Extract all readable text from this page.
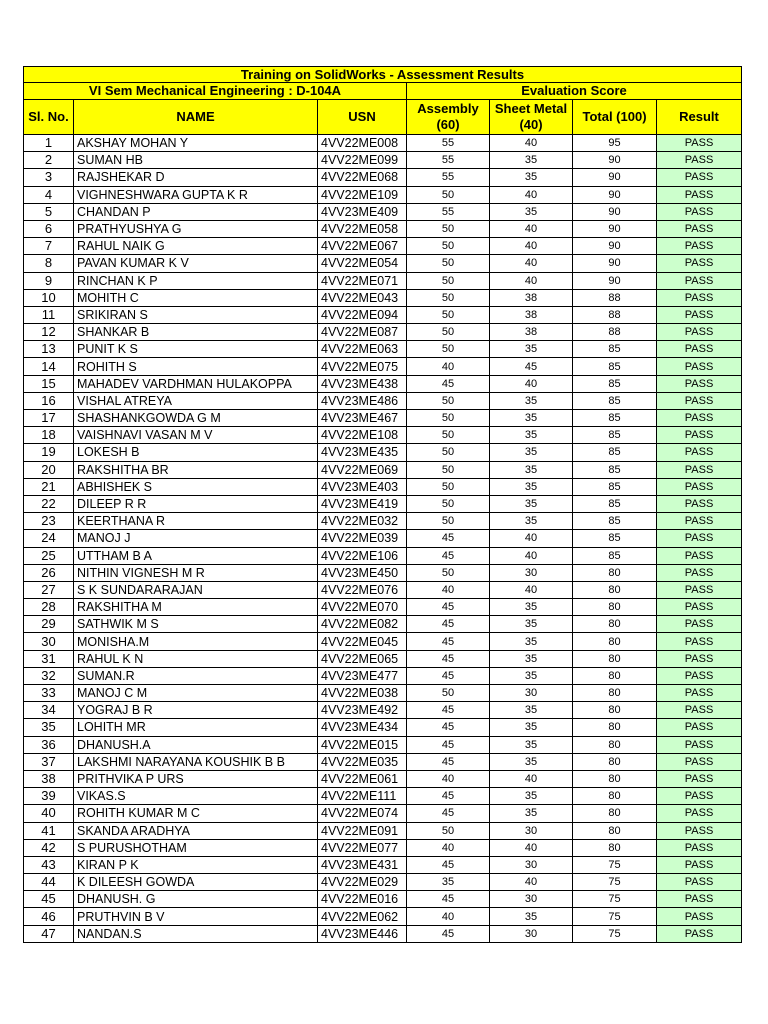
Training on SolidWorks - Assessment Results						
VI Sem Mechanical Engineering : D-104A			Evaluation Score			
Sl. No.	NAME	USN	Assembly (60)	Sheet Metal (40)	Total (100)	Result
1	AKSHAY MOHAN Y	4VV22ME008	55	40	95	PASS
2	SUMAN HB	4VV22ME099	55	35	90	PASS
3	RAJSHEKAR D	4VV22ME068	55	35	90	PASS
4	VIGHNESHWARA GUPTA K R	4VV22ME109	50	40	90	PASS
5	CHANDAN P	4VV23ME409	55	35	90	PASS
6	PRATHYUSHYA G	4VV22ME058	50	40	90	PASS
7	RAHUL NAIK G	4VV22ME067	50	40	90	PASS
8	PAVAN KUMAR K V	4VV22ME054	50	40	90	PASS
9	RINCHAN K P	4VV22ME071	50	40	90	PASS
10	MOHITH C	4VV22ME043	50	38	88	PASS
11	SRIKIRAN S	4VV22ME094	50	38	88	PASS
12	SHANKAR B	4VV22ME087	50	38	88	PASS
13	PUNIT K S	4VV22ME063	50	35	85	PASS
14	ROHITH S	4VV22ME075	40	45	85	PASS
15	MAHADEV VARDHMAN HULAKOPPA	4VV23ME438	45	40	85	PASS
16	VISHAL ATREYA	4VV23ME486	50	35	85	PASS
17	SHASHANKGOWDA G M	4VV23ME467	50	35	85	PASS
18	VAISHNAVI VASAN M V	4VV22ME108	50	35	85	PASS
19	LOKESH B	4VV23ME435	50	35	85	PASS
20	RAKSHITHA BR	4VV22ME069	50	35	85	PASS
21	ABHISHEK S	4VV23ME403	50	35	85	PASS
22	DILEEP R R	4VV23ME419	50	35	85	PASS
23	KEERTHANA R	4VV22ME032	50	35	85	PASS
24	MANOJ J	4VV22ME039	45	40	85	PASS
25	UTTHAM B A	4VV22ME106	45	40	85	PASS
26	NITHIN VIGNESH M R	4VV23ME450	50	30	80	PASS
27	S K SUNDARARAJAN	4VV22ME076	40	40	80	PASS
28	RAKSHITHA M	4VV22ME070	45	35	80	PASS
29	SATHWIK M S	4VV22ME082	45	35	80	PASS
30	MONISHA.M	4VV22ME045	45	35	80	PASS
31	RAHUL K N	4VV22ME065	45	35	80	PASS
32	SUMAN.R	4VV23ME477	45	35	80	PASS
33	MANOJ C M	4VV22ME038	50	30	80	PASS
34	YOGRAJ B R	4VV23ME492	45	35	80	PASS
35	LOHITH MR	4VV23ME434	45	35	80	PASS
36	DHANUSH.A	4VV22ME015	45	35	80	PASS
37	LAKSHMI NARAYANA KOUSHIK B B	4VV22ME035	45	35	80	PASS
38	PRITHVIKA P URS	4VV22ME061	40	40	80	PASS
39	VIKAS.S	4VV22ME111	45	35	80	PASS
40	ROHITH KUMAR M C	4VV22ME074	45	35	80	PASS
41	SKANDA ARADHYA	4VV22ME091	50	30	80	PASS
42	S PURUSHOTHAM	4VV22ME077	40	40	80	PASS
43	KIRAN P K	4VV23ME431	45	30	75	PASS
44	K DILEESH GOWDA	4VV22ME029	35	40	75	PASS
45	DHANUSH. G	4VV22ME016	45	30	75	PASS
46	PRUTHVIN B V	4VV22ME062	40	35	75	PASS
47	NANDAN.S	4VV23ME446	45	30	75	PASS
